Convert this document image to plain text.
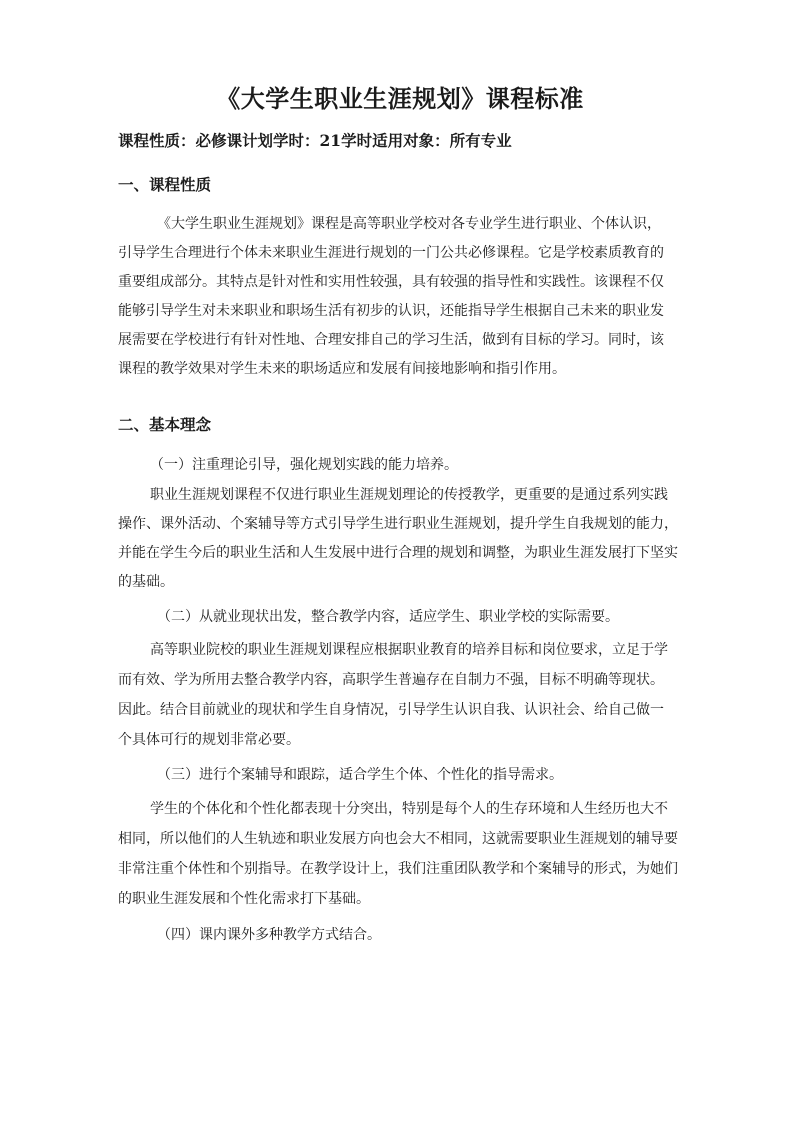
《大学生职业生涯规划》课程标准
课程性质：必修课计划学时：21学时适用对象：所有专业
一、课程性质
《大学生职业生涯规划》课程是高等职业学校对各专业学生进行职业、个体认识，
引导学生合理进行个体未来职业生涯进行规划的一门公共必修课程。它是学校素质教育的
重要组成部分。其特点是针对性和实用性较强，具有较强的指导性和实践性。该课程不仅
能够引导学生对未来职业和职场生活有初步的认识，还能指导学生根据自己未来的职业发
展需要在学校进行有针对性地、合理安排自己的学习生活，做到有目标的学习。同时，该
课程的教学效果对学生未来的职场适应和发展有间接地影响和指引作用。
二、基本理念
（一）注重理论引导，强化规划实践的能力培养。
职业生涯规划课程不仅进行职业生涯规划理论的传授教学，更重要的是通过系列实践
操作、课外活动、个案辅导等方式引导学生进行职业生涯规划，提升学生自我规划的能力，
并能在学生今后的职业生活和人生发展中进行合理的规划和调整，为职业生涯发展打下坚实
的基础。
（二）从就业现状出发，整合教学内容，适应学生、职业学校的实际需要。
高等职业院校的职业生涯规划课程应根据职业教育的培养目标和岗位要求，立足于学
而有效、学为所用去整合教学内容，高职学生普遍存在自制力不强，目标不明确等现状。
因此。结合目前就业的现状和学生自身情况，引导学生认识自我、认识社会、给自己做一
个具体可行的规划非常必要。
（三）进行个案辅导和跟踪，适合学生个体、个性化的指导需求。
学生的个体化和个性化都表现十分突出，特别是每个人的生存环境和人生经历也大不
相同，所以他们的人生轨迹和职业发展方向也会大不相同，这就需要职业生涯规划的辅导要
非常注重个体性和个别指导。在教学设计上，我们注重团队教学和个案辅导的形式，为她们
的职业生涯发展和个性化需求打下基础。
（四）课内课外多种教学方式结合。
